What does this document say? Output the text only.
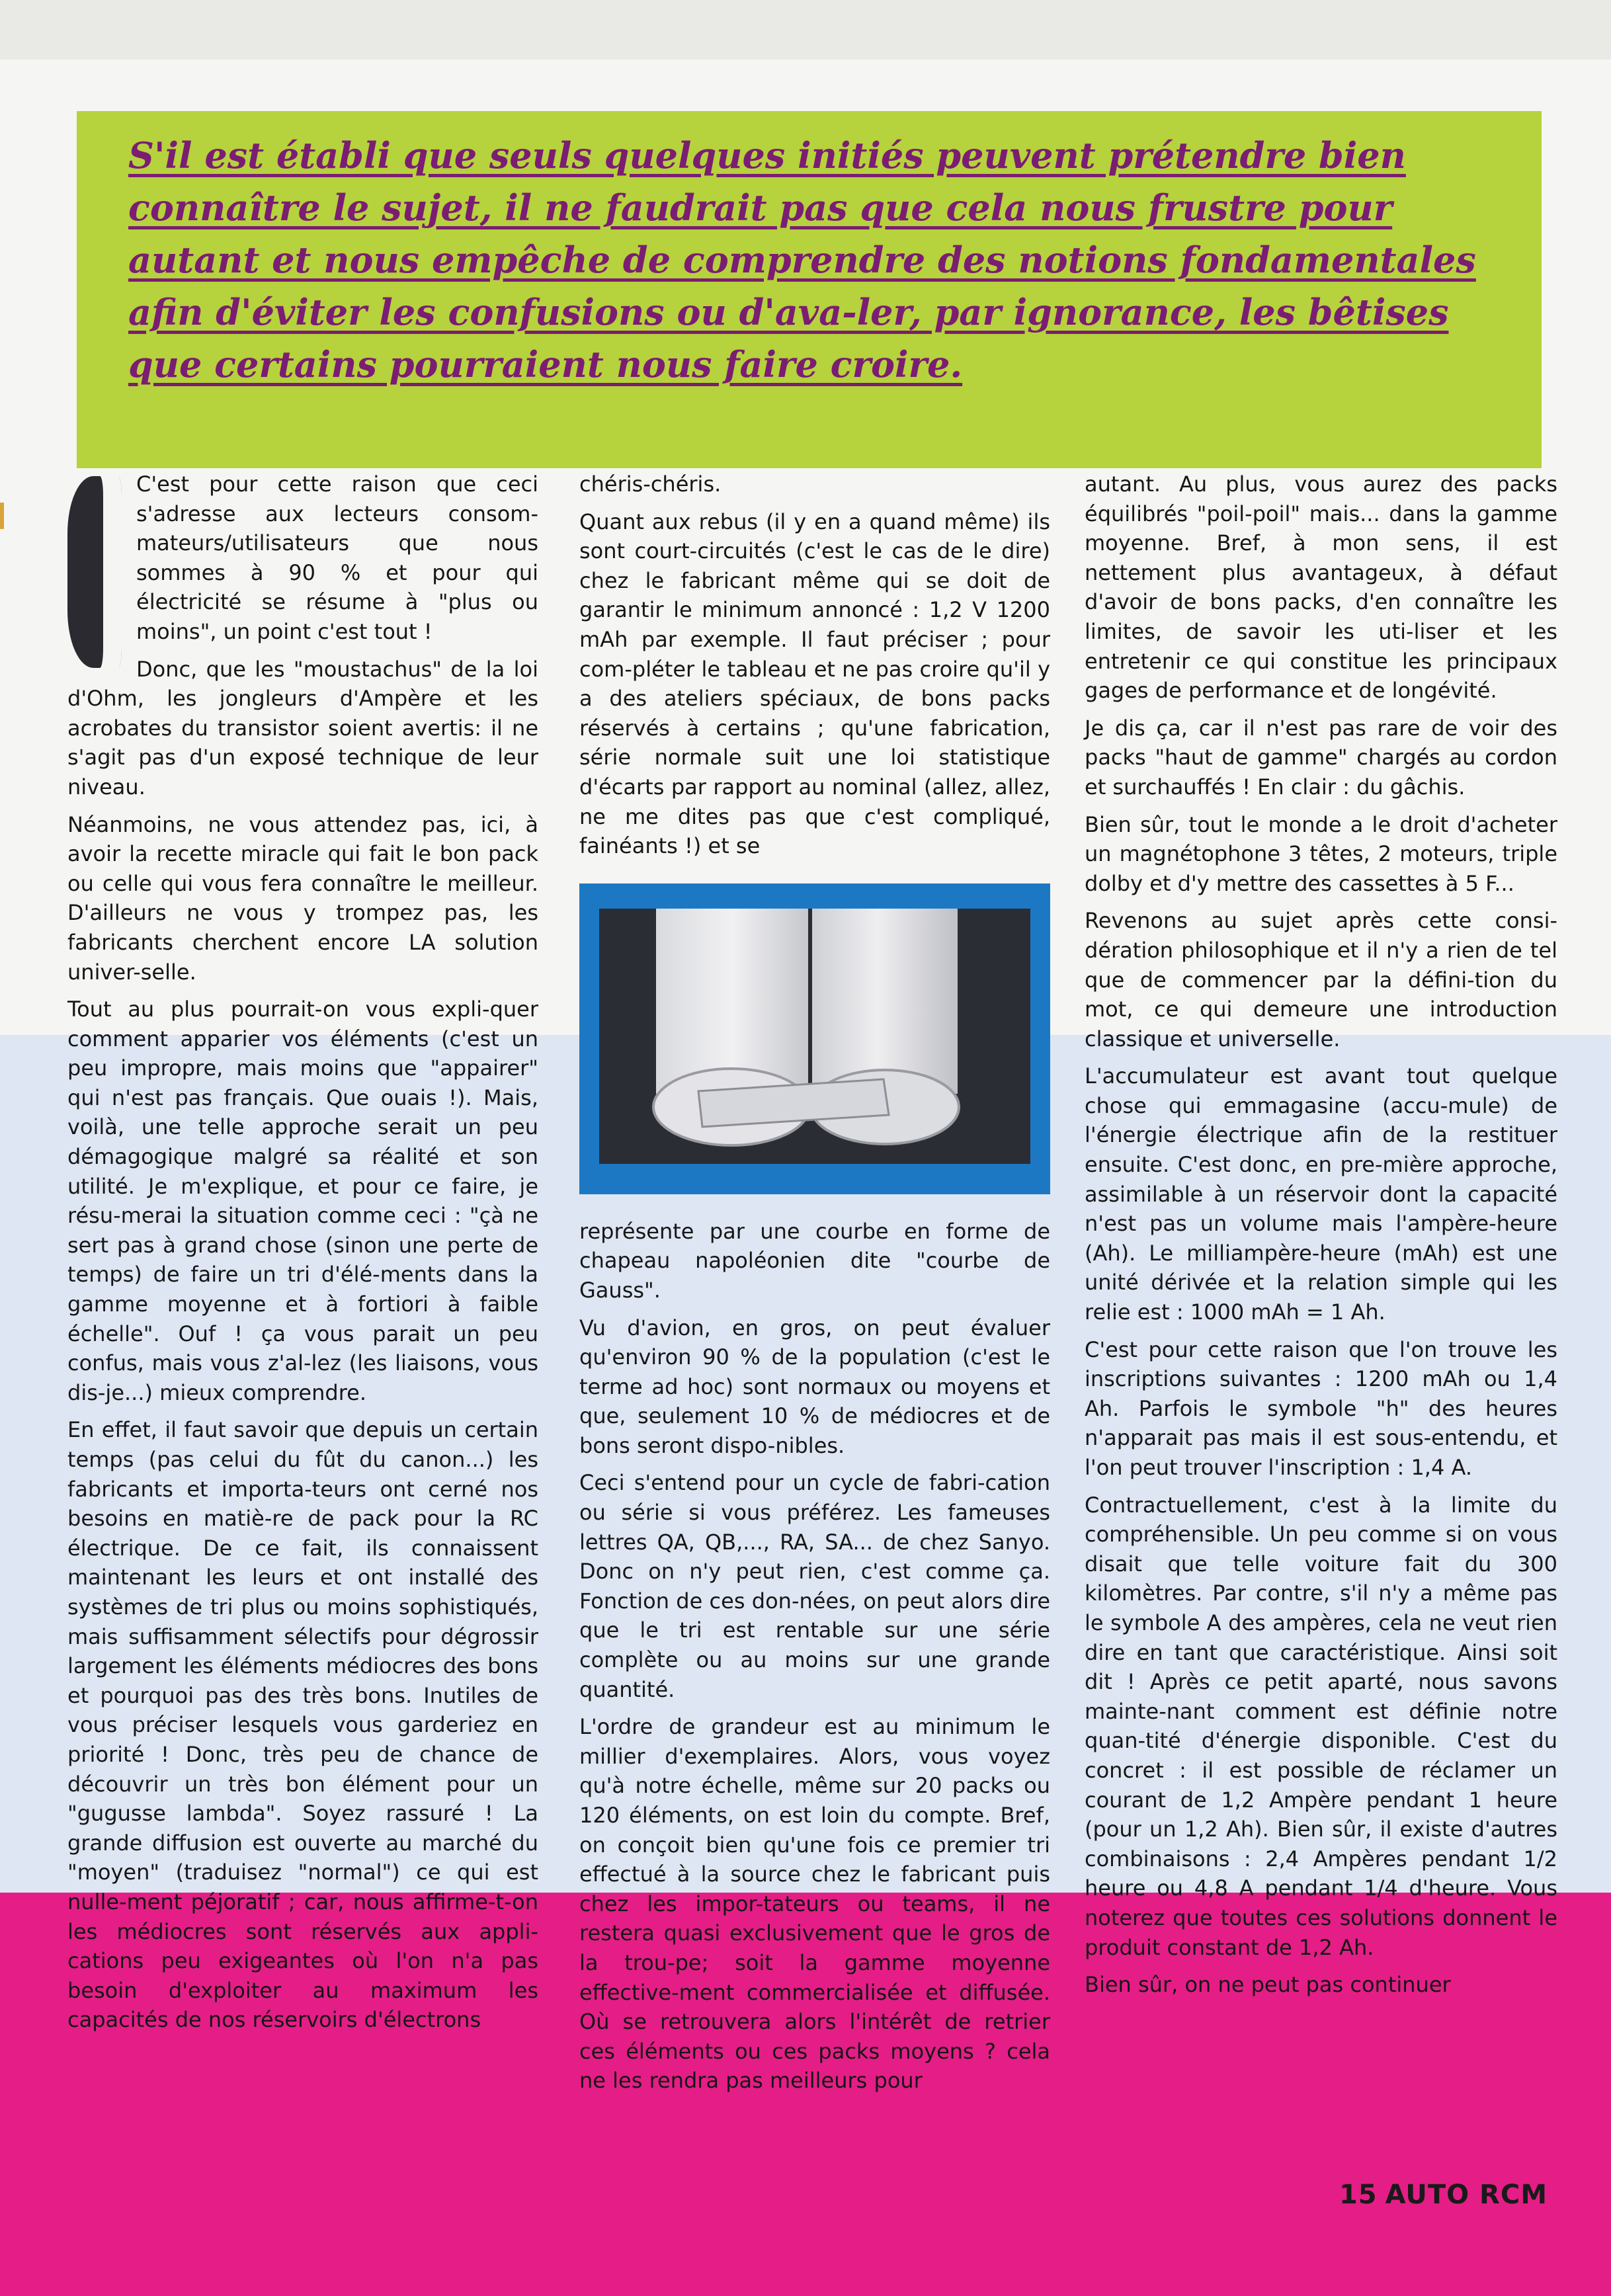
S'il est établi que seuls quelques initiés peuvent prétendre bien connaître le sujet, il ne faudrait pas que cela nous frustre pour autant et nous empêche de comprendre des notions fondamentales afin d'éviter les confusions ou d'ava-ler, par ignorance, les bêtises que certains pourraient nous faire croire.

C'est pour cette raison que ceci s'adresse aux lecteurs consom-mateurs/utilisateurs que nous sommes à 90 % et pour qui électricité se résume à "plus ou moins", un point c'est tout !

Donc, que les "moustachus" de la loi d'Ohm, les jongleurs d'Ampère et les acrobates du transistor soient avertis: il ne s'agit pas d'un exposé technique de leur niveau.

Néanmoins, ne vous attendez pas, ici, à avoir la recette miracle qui fait le bon pack ou celle qui vous fera connaître le meilleur. D'ailleurs ne vous y trompez pas, les fabricants cherchent encore LA solution univer-selle.

Tout au plus pourrait-on vous expli-quer comment apparier vos éléments (c'est un peu impropre, mais moins que "appairer" qui n'est pas français. Que ouais !). Mais, voilà, une telle approche serait un peu démagogique malgré sa réalité et son utilité. Je m'explique, et pour ce faire, je résu-merai la situation comme ceci : "çà ne sert pas à grand chose (sinon une perte de temps) de faire un tri d'élé-ments dans la gamme moyenne et à fortiori à faible échelle". Ouf ! ça vous parait un peu confus, mais vous z'al-lez (les liaisons, vous dis-je...) mieux comprendre.

En effet, il faut savoir que depuis un certain temps (pas celui du fût du canon...) les fabricants et importa-teurs ont cerné nos besoins en matiè-re de pack pour la RC électrique. De ce fait, ils connaissent maintenant les leurs et ont installé des systèmes de tri plus ou moins sophistiqués, mais suffisamment sélectifs pour dégrossir largement les éléments médiocres des bons et pourquoi pas des très bons. Inutiles de vous préciser lesquels vous garderiez en priorité ! Donc, très peu de chance de découvrir un très bon élément pour un "gugusse lambda". Soyez rassuré ! La grande diffusion est ouverte au marché du "moyen" (traduisez "normal") ce qui est nulle-ment péjoratif ; car, nous affirme-t-on les médiocres sont réservés aux appli-cations peu exigeantes où l'on n'a pas besoin d'exploiter au maximum les capacités de nos réservoirs d'électrons

chéris-chéris.

Quant aux rebus (il y en a quand même) ils sont court-circuités (c'est le cas de le dire) chez le fabricant même qui se doit de garantir le minimum annoncé : 1,2 V 1200 mAh par exemple. Il faut préciser ; pour com-pléter le tableau et ne pas croire qu'il y a des ateliers spéciaux, de bons packs réservés à certains ; qu'une fabrication, série normale suit une loi statistique d'écarts par rapport au nominal (allez, allez, ne me dites pas que c'est compliqué, fainéants !) et se

représente par une courbe en forme de chapeau napoléonien dite "courbe de Gauss".

Vu d'avion, en gros, on peut évaluer qu'environ 90 % de la population (c'est le terme ad hoc) sont normaux ou moyens et que, seulement 10 % de médiocres et de bons seront dispo-nibles.

Ceci s'entend pour un cycle de fabri-cation ou série si vous préférez. Les fameuses lettres QA, QB,..., RA, SA... de chez Sanyo. Donc on n'y peut rien, c'est comme ça. Fonction de ces don-nées, on peut alors dire que le tri est rentable sur une série complète ou au moins sur une grande quantité.

L'ordre de grandeur est au minimum le millier d'exemplaires. Alors, vous voyez qu'à notre échelle, même sur 20 packs ou 120 éléments, on est loin du compte. Bref, on conçoit bien qu'une fois ce premier tri effectué à la source chez le fabricant puis chez les impor-tateurs ou teams, il ne restera quasi exclusivement que le gros de la trou-pe; soit la gamme moyenne effective-ment commercialisée et diffusée. Où se retrouvera alors l'intérêt de retrier ces éléments ou ces packs moyens ? cela ne les rendra pas meilleurs pour

autant. Au plus, vous aurez des packs équilibrés "poil-poil" mais... dans la gamme moyenne. Bref, à mon sens, il est nettement plus avantageux, à défaut d'avoir de bons packs, d'en connaître les limites, de savoir les uti-liser et les entretenir ce qui constitue les principaux gages de performance et de longévité.

Je dis ça, car il n'est pas rare de voir des packs "haut de gamme" chargés au cordon et surchauffés ! En clair : du gâchis.

Bien sûr, tout le monde a le droit d'acheter un magnétophone 3 têtes, 2 moteurs, triple dolby et d'y mettre des cassettes à 5 F...

Revenons au sujet après cette consi-dération philosophique et il n'y a rien de tel que de commencer par la défini-tion du mot, ce qui demeure une introduction classique et universelle.

L'accumulateur est avant tout quelque chose qui emmagasine (accu-mule) de l'énergie électrique afin de la restituer ensuite. C'est donc, en pre-mière approche, assimilable à un réservoir dont la capacité n'est pas un volume mais l'ampère-heure (Ah). Le milliampère-heure (mAh) est une unité dérivée et la relation simple qui les relie est : 1000 mAh = 1 Ah.

C'est pour cette raison que l'on trouve les inscriptions suivantes : 1200 mAh ou 1,4 Ah. Parfois le symbole "h" des heures n'apparait pas mais il est sous-entendu, et l'on peut trouver l'inscription : 1,4 A.

Contractuellement, c'est à la limite du compréhensible. Un peu comme si on vous disait que telle voiture fait du 300 kilomètres. Par contre, s'il n'y a même pas le symbole A des ampères, cela ne veut rien dire en tant que caractéristique. Ainsi soit dit ! Après ce petit aparté, nous savons mainte-nant comment est définie notre quan-tité d'énergie disponible. C'est du concret : il est possible de réclamer un courant de 1,2 Ampère pendant 1 heure (pour un 1,2 Ah). Bien sûr, il existe d'autres combinaisons : 2,4 Ampères pendant 1/2 heure ou 4,8 A pendant 1/4 d'heure. Vous noterez que toutes ces solutions donnent le produit constant de 1,2 Ah.

Bien sûr, on ne peut pas continuer

15 AUTO RCM
